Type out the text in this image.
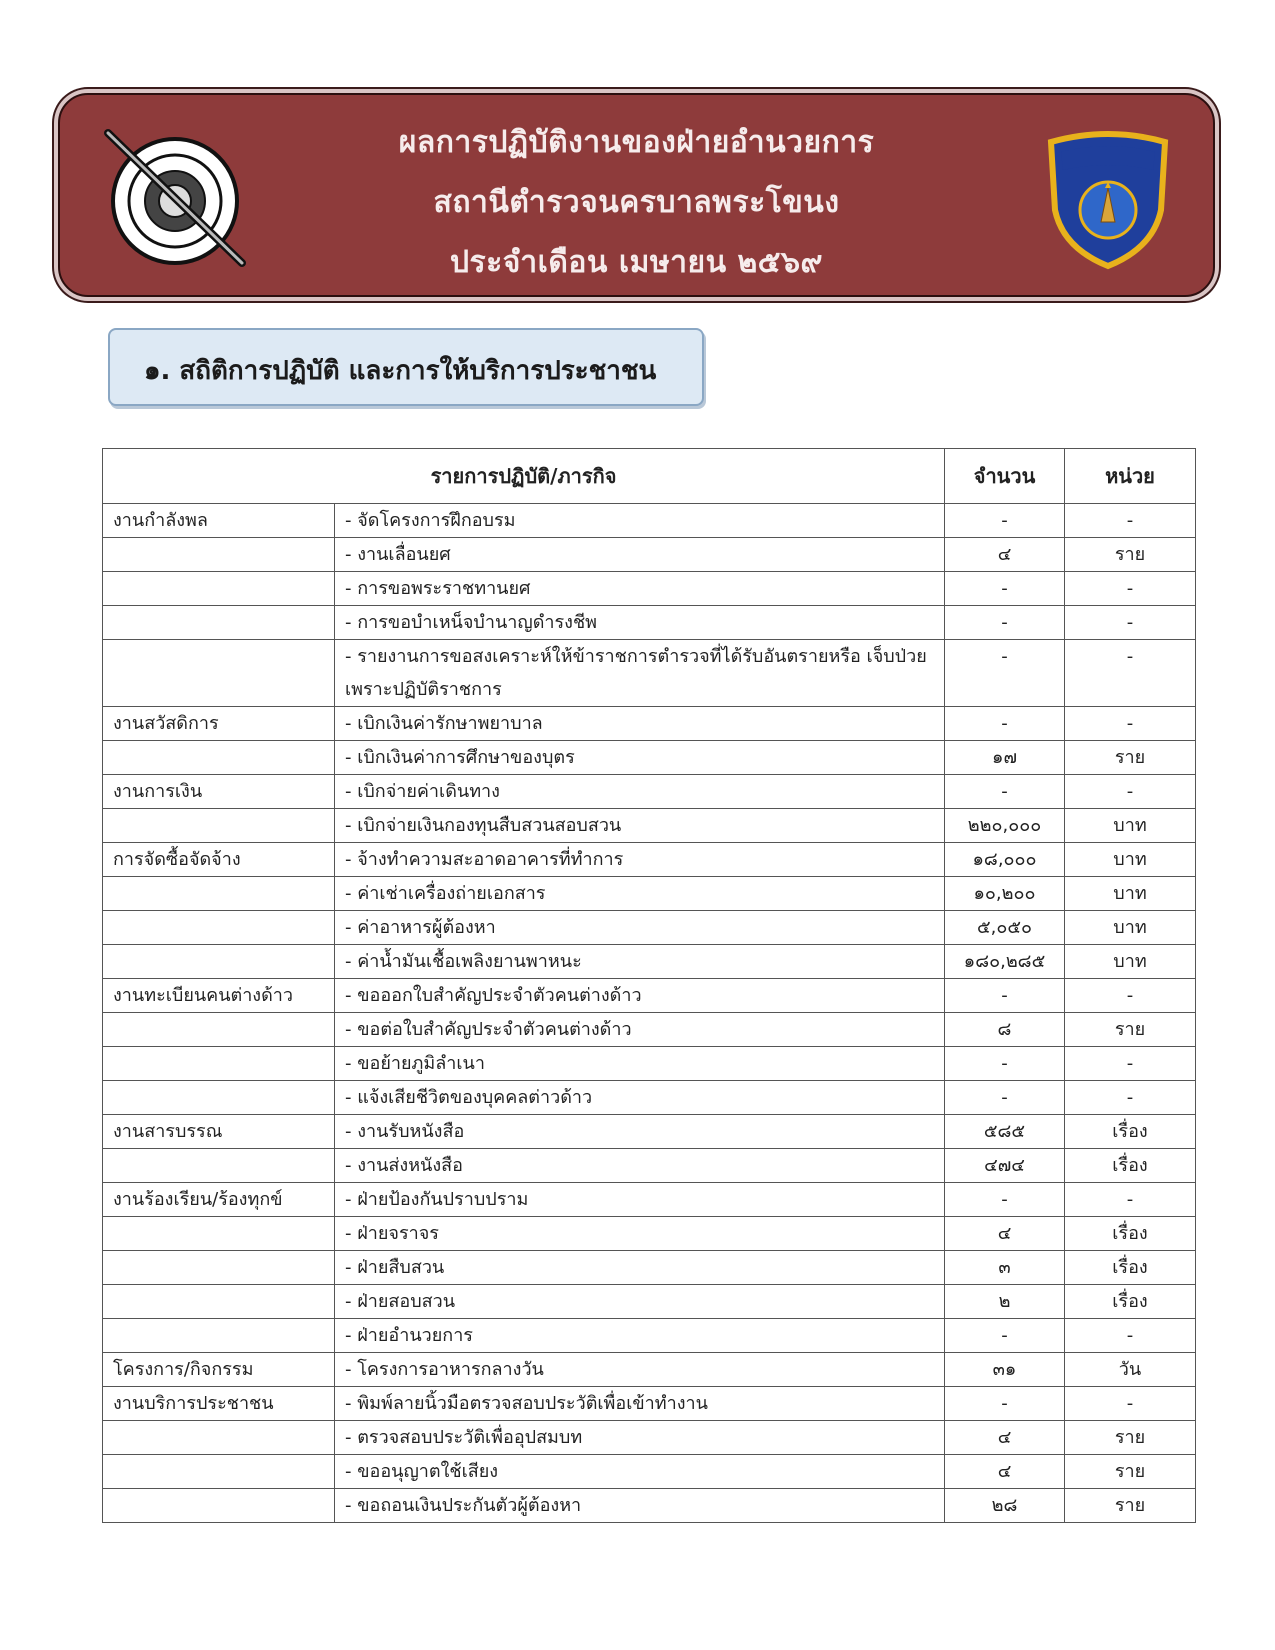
ผลการปฏิบัติงานของฝ่ายอำนวยการ
สถานีตำรวจนครบาลพระโขนง
ประจำเดือน เมษายน ๒๕๖๙
๑. สถิติการปฏิบัติ และการให้บริการประชาชน
รายการปฏิบัติ/ภารกิจ		จำนวน	หน่วย
งานกำลังพล	- จัดโครงการฝึกอบรม	-	-
	- งานเลื่อนยศ	๔	ราย
	- การขอพระราชทานยศ	-	-
	- การขอบำเหน็จบำนาญดำรงชีพ	-	-
	- รายงานการขอสงเคราะห์ให้ข้าราชการตำรวจที่ได้รับอันตรายหรือ เจ็บป่วย เพราะปฏิบัติราชการ	-	-
งานสวัสดิการ	- เบิกเงินค่ารักษาพยาบาล	-	-
	- เบิกเงินค่าการศึกษาของบุตร	๑๗	ราย
งานการเงิน	- เบิกจ่ายค่าเดินทาง	-	-
	- เบิกจ่ายเงินกองทุนสืบสวนสอบสวน	๒๒๐,๐๐๐	บาท
การจัดซื้อจัดจ้าง	- จ้างทำความสะอาดอาคารที่ทำการ	๑๘,๐๐๐	บาท
	- ค่าเช่าเครื่องถ่ายเอกสาร	๑๐,๒๐๐	บาท
	- ค่าอาหารผู้ต้องหา	๕,๐๕๐	บาท
	- ค่าน้ำมันเชื้อเพลิงยานพาหนะ	๑๘๐,๒๘๕	บาท
งานทะเบียนคนต่างด้าว	- ขอออกใบสำคัญประจำตัวคนต่างด้าว	-	-
	- ขอต่อใบสำคัญประจำตัวคนต่างด้าว	๘	ราย
	- ขอย้ายภูมิลำเนา	-	-
	- แจ้งเสียชีวิตของบุคคลต่าวด้าว	-	-
งานสารบรรณ	- งานรับหนังสือ	๕๘๕	เรื่อง
	- งานส่งหนังสือ	๔๗๔	เรื่อง
งานร้องเรียน/ร้องทุกข์	- ฝ่ายป้องกันปราบปราม	-	-
	- ฝ่ายจราจร	๔	เรื่อง
	- ฝ่ายสืบสวน	๓	เรื่อง
	- ฝ่ายสอบสวน	๒	เรื่อง
	- ฝ่ายอำนวยการ	-	-
โครงการ/กิจกรรม	- โครงการอาหารกลางวัน	๓๑	วัน
งานบริการประชาชน	- พิมพ์ลายนิ้วมือตรวจสอบประวัติเพื่อเข้าทำงาน	-	-
	- ตรวจสอบประวัติเพื่ออุปสมบท	๔	ราย
	- ขออนุญาตใช้เสียง	๔	ราย
	- ขอถอนเงินประกันตัวผู้ต้องหา	๒๘	ราย
